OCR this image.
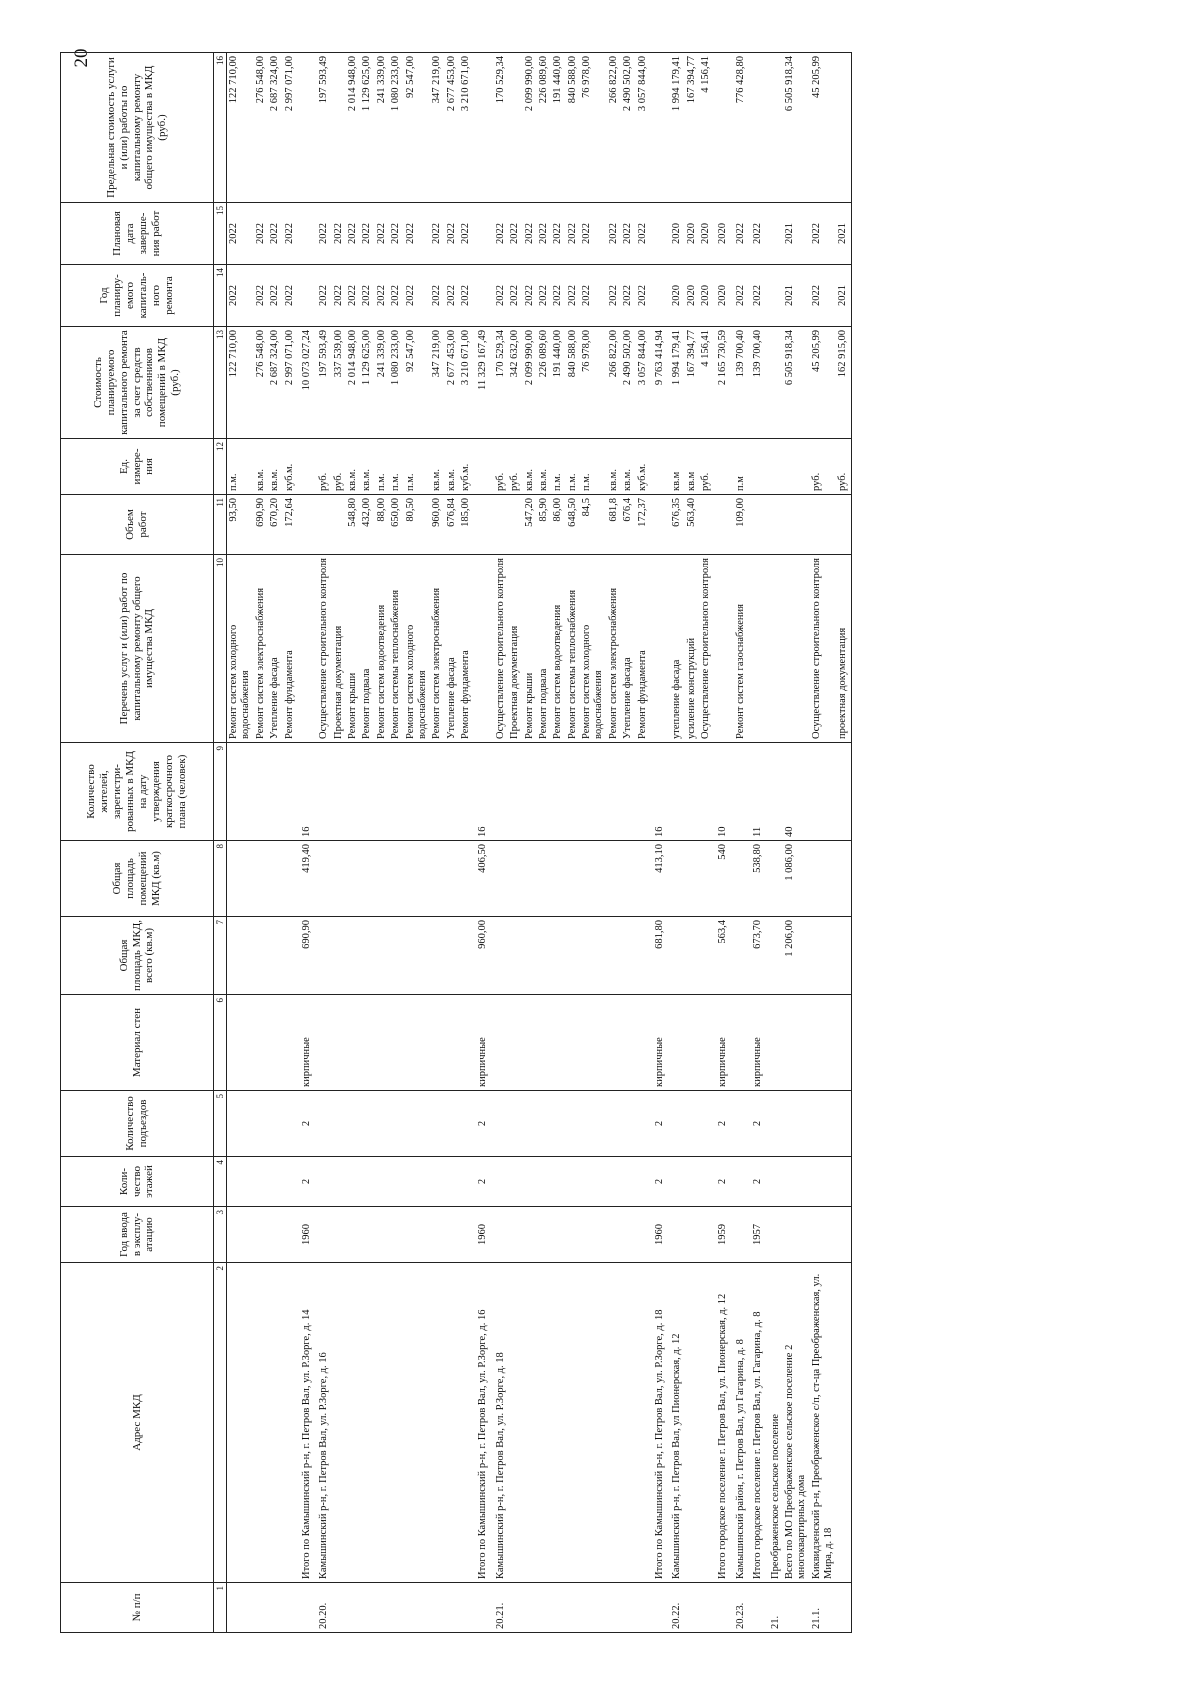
20
№ п/п	Адрес МКД	Год ввода в эксплу-атацию	Коли-чество этажей	Количество подъездов	Материал стен	Общая площадь МКД, всего (кв.м)	Общая площадь помещений МКД (кв.м)	Количество жителей, зарегистри-рованных в МКД на дату утверждения краткосрочного плана (человек)	Перечень услуг и (или) работ по капитальному ремонту общего имущества МКД	Объем работ	Ед. измере-ния	Стоимость планируемого капитального ремонта за счет средств собственников помещений в МКД (руб.)	Год планиру-емого капиталь-ного ремонта	Плановая дата заверше-ния работ	Предельная стоимость услуги и (или) работы по капитальному ремонту общего имущества в МКД (руб.)
1	2	3	4	5	6	7	8	9	10	11	12	13	14	15	16
									Ремонт систем холодного водоснабжения	93,50	п.м.	122 710,00	2022	2022	122 710,00
									Ремонт систем электроснабжения	690,90	кв.м.	276 548,00	2022	2022	276 548,00
									Утепление фасада	670,20	кв.м.	2 687 324,00	2022	2022	2 687 324,00
									Ремонт фундамента	172,64	куб.м.	2 997 071,00	2022	2022	2 997 071,00
	Итого по Камышинский р-н, г. Петров Вал, ул. Р.Зорге, д. 14	1960	2	2	кирпичные	690,90	419,40	16				10 073 027,24			
20.20.	Камышинский р-н, г. Петров Вал, ул. Р.Зорге, д. 16								Осуществление строительного контроля		руб.	197 593,49	2022	2022	197 593,49
									Проектная документация		руб.	337 539,00	2022	2022	
									Ремонт крыши	548,80	кв.м.	2 014 948,00	2022	2022	2 014 948,00
									Ремонт подвала	432,00	кв.м.	1 129 625,00	2022	2022	1 129 625,00
									Ремонт систем водоотведения	88,00	п.м.	241 339,00	2022	2022	241 339,00
									Ремонт системы теплоснабжения	650,00	п.м.	1 080 233,00	2022	2022	1 080 233,00
									Ремонт систем холодного водоснабжения	80,50	п.м.	92 547,00	2022	2022	92 547,00
									Ремонт систем электроснабжения	960,00	кв.м.	347 219,00	2022	2022	347 219,00
									Утепление фасада	676,84	кв.м.	2 677 453,00	2022	2022	2 677 453,00
									Ремонт фундамента	185,00	куб.м.	3 210 671,00	2022	2022	3 210 671,00
	Итого по Камышинский р-н, г. Петров Вал, ул. Р.Зорге, д. 16	1960	2	2	кирпичные	960,00	406,50	16				11 329 167,49			
20.21.	Камышинский р-н, г. Петров Вал, ул. Р.Зорге, д. 18								Осуществление строительного контроля		руб.	170 529,34	2022	2022	170 529,34
									Проектная документация		руб.	342 632,00	2022	2022	
									Ремонт крыши	547,20	кв.м.	2 099 990,00	2022	2022	2 099 990,00
									Ремонт подвала	85,90	кв.м.	226 089,60	2022	2022	226 089,60
									Ремонт систем водоотведения	86,00	п.м.	191 440,00	2022	2022	191 440,00
									Ремонт системы теплоснабжения	648,50	п.м.	840 588,00	2022	2022	840 588,00
									Ремонт систем холодного водоснабжения	84,5	п.м.	76 978,00	2022	2022	76 978,00
									Ремонт систем электроснабжения	681,8	кв.м.	266 822,00	2022	2022	266 822,00
									Утепление фасада	676,4	кв.м.	2 490 502,00	2022	2022	2 490 502,00
									Ремонт фундамента	172,37	куб.м.	3 057 844,00	2022	2022	3 057 844,00
	Итого по Камышинский р-н, г. Петров Вал, ул. Р.Зорге, д. 18	1960	2	2	кирпичные	681,80	413,10	16				9 763 414,94			
20.22.	Камышинский р-н, г. Петров Вал, ул Пионерская, д. 12								утепление фасада	676,35	кв.м	1 994 179,41	2020	2020	1 994 179,41
									усиление конструкций	563,40	кв.м	167 394,77	2020	2020	167 394,77
									Осуществление строительного контроля		руб.	4 156,41	2020	2020	4 156,41
	Итого городское поселение г. Петров Вал, ул. Пионерская, д. 12	1959	2	2	кирпичные	563,4	540	10				2 165 730,59	2020	2020	
20.23.	Камышинский район, г. Петров Вал, ул Гагарина, д. 8								Ремонт систем газоснабжения	109,00	п.м	139 700,40	2022	2022	776 428,80
	Итого городское поселение г. Петров Вал, ул. Гагарина, д. 8	1957	2	2	кирпичные	673,70	538,80	11				139 700,40	2022	2022	
21.	Преображенское сельское поселение														
	Всего по МО Преображенское сельское поселение 2 многоквартирных дома					1 206,00	1 086,00	40				6 505 918,34	2021	2021	6 505 918,34
21.1.	Киквидзенский р-н, Преображенское с/п, ст-ца Преображенская, ул. Мира, д. 18								Осуществление строительного контроля		руб.	45 205,99	2022	2022	45 205,99
									проектная документация		руб.	162 915,00	2021	2021	
